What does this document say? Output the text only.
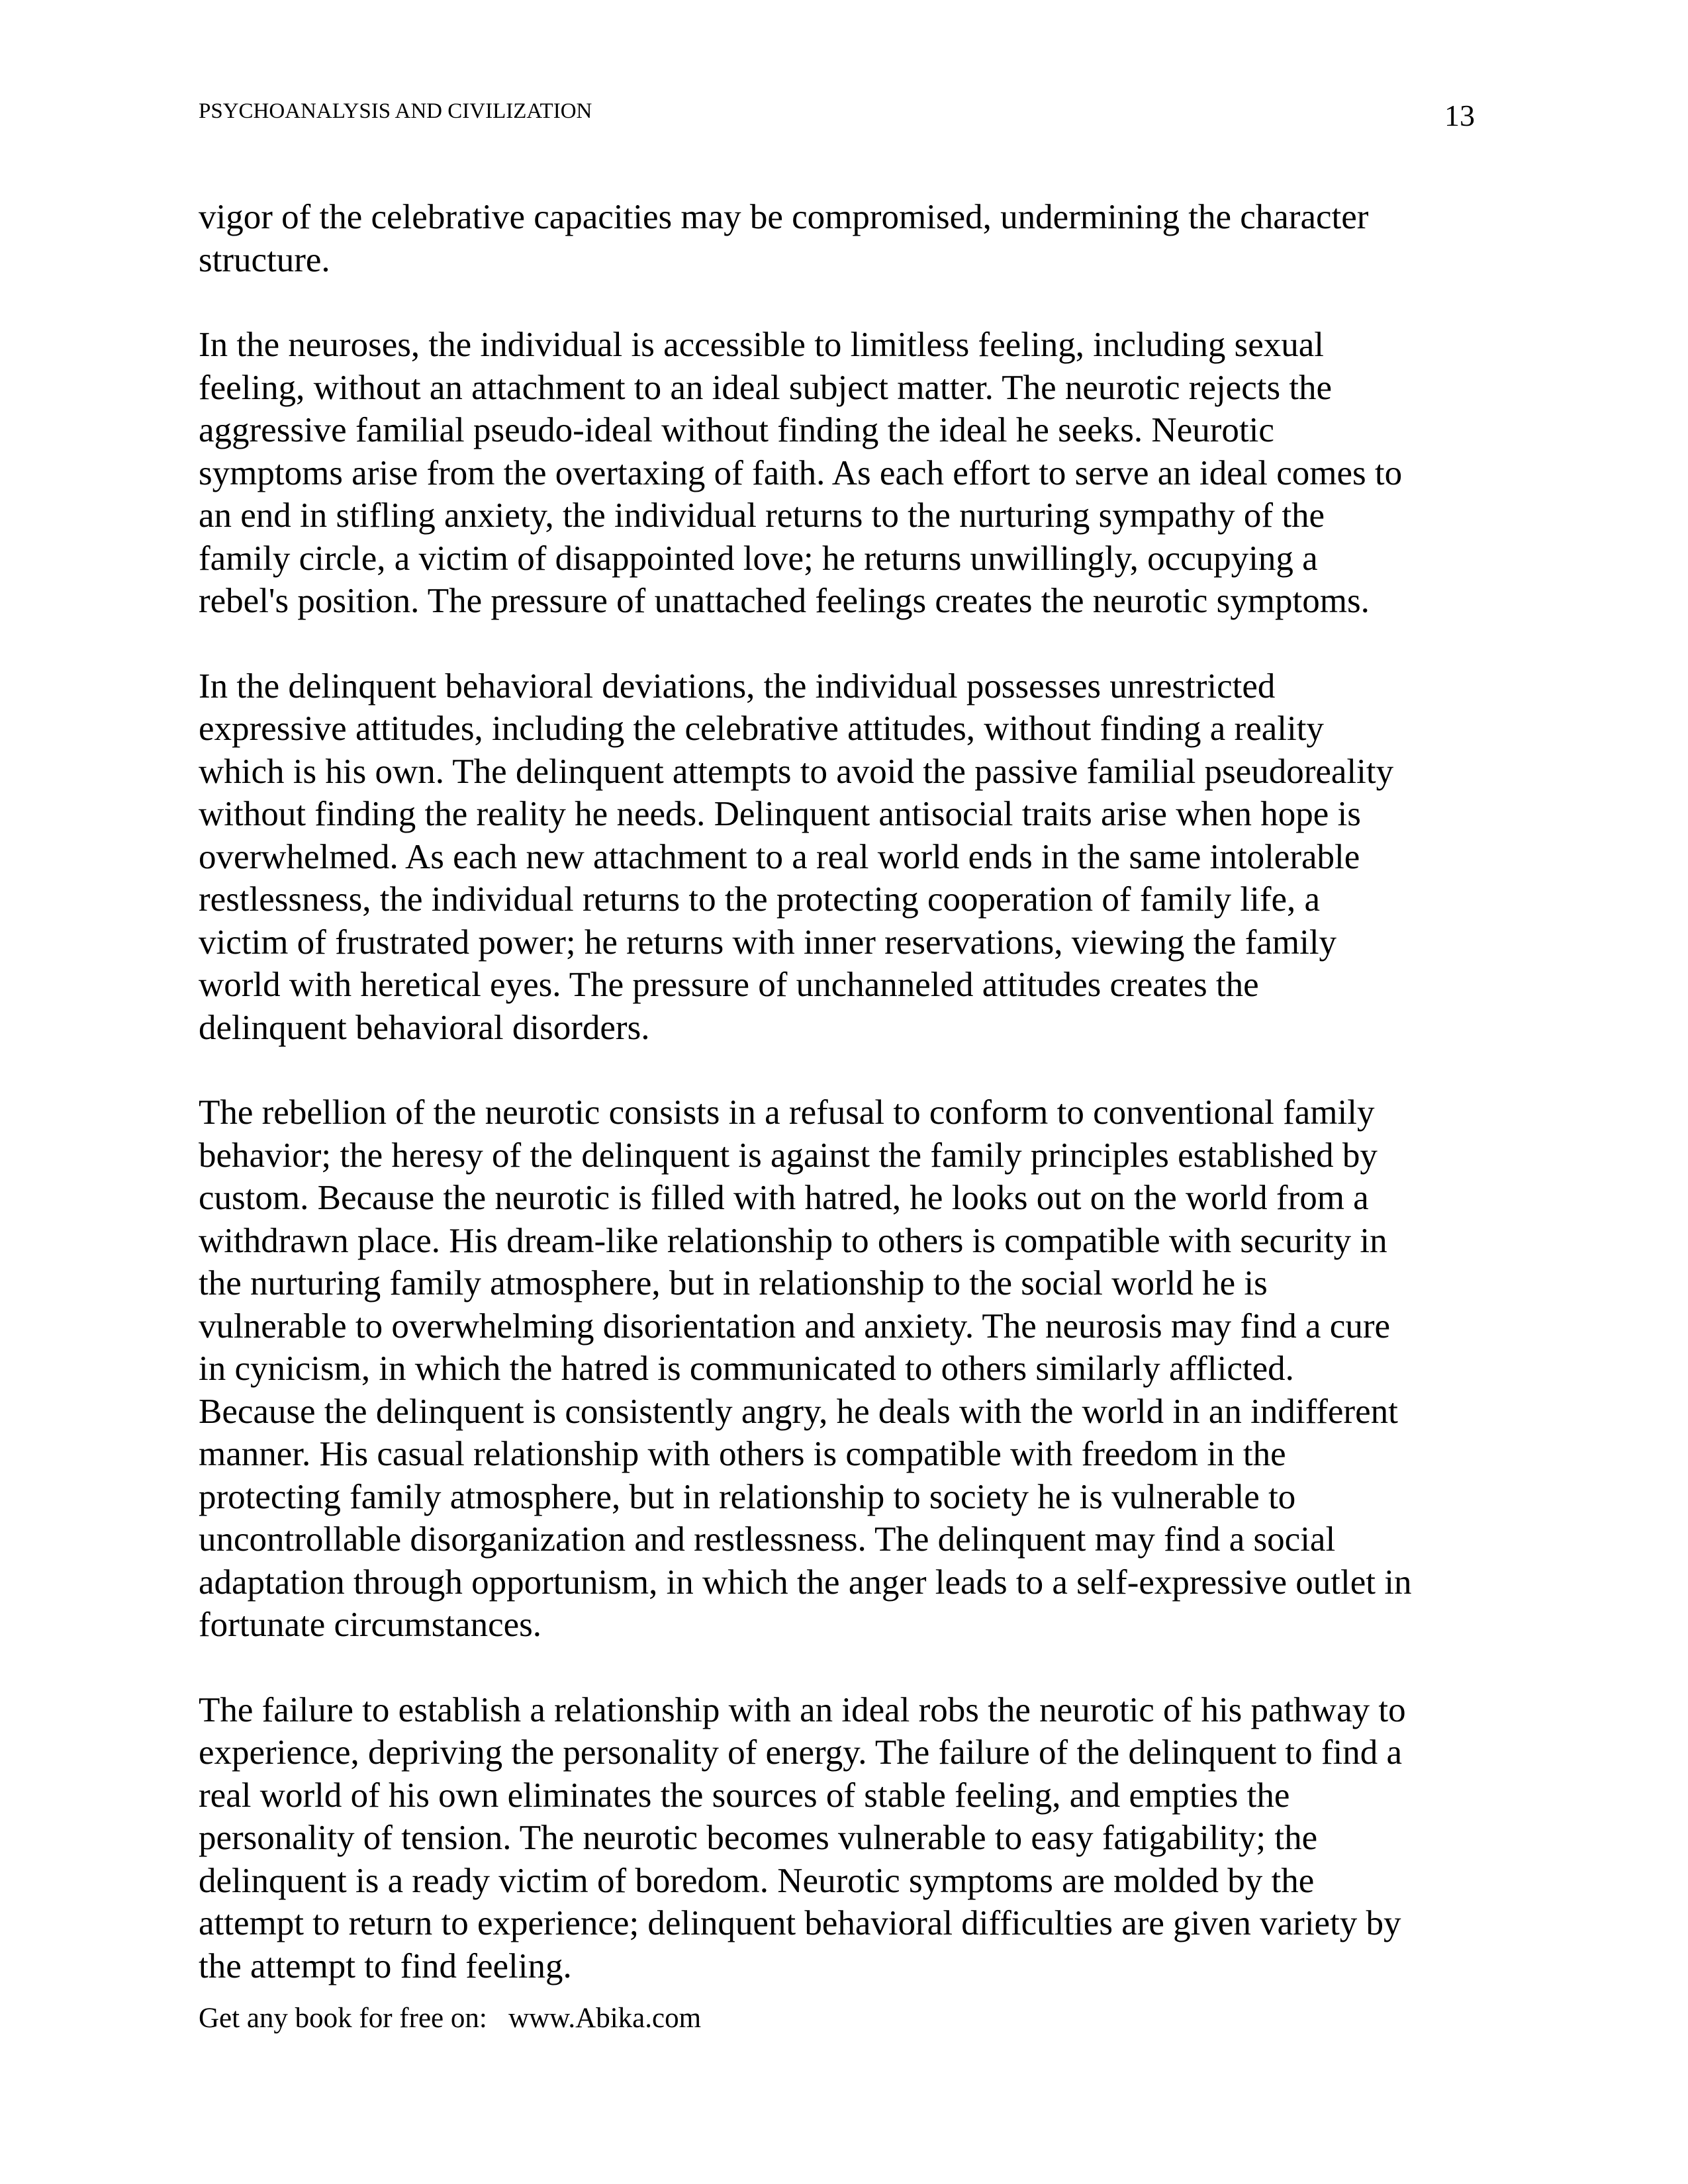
PSYCHOANALYSIS AND CIVILIZATION	13

vigor of the celebrative capacities may be compromised, undermining the character
structure.

In the neuroses, the individual is accessible to limitless feeling, including sexual
feeling, without an attachment to an ideal subject matter. The neurotic rejects the
aggressive familial pseudo-ideal without finding the ideal he seeks. Neurotic
symptoms arise from the overtaxing of faith. As each effort to serve an ideal comes to
an end in stifling anxiety, the individual returns to the nurturing sympathy of the
family circle, a victim of disappointed love; he returns unwillingly, occupying a
rebel's position. The pressure of unattached feelings creates the neurotic symptoms.

In the delinquent behavioral deviations, the individual possesses unrestricted
expressive attitudes, including the celebrative attitudes, without finding a reality
which is his own. The delinquent attempts to avoid the passive familial pseudoreality
without finding the reality he needs. Delinquent antisocial traits arise when hope is
overwhelmed. As each new attachment to a real world ends in the same intolerable
restlessness, the individual returns to the protecting cooperation of family life, a
victim of frustrated power; he returns with inner reservations, viewing the family
world with heretical eyes. The pressure of unchanneled attitudes creates the
delinquent behavioral disorders.

The rebellion of the neurotic consists in a refusal to conform to conventional family
behavior; the heresy of the delinquent is against the family principles established by
custom. Because the neurotic is filled with hatred, he looks out on the world from a
withdrawn place. His dream-like relationship to others is compatible with security in
the nurturing family atmosphere, but in relationship to the social world he is
vulnerable to overwhelming disorientation and anxiety. The neurosis may find a cure
in cynicism, in which the hatred is communicated to others similarly afflicted.
Because the delinquent is consistently angry, he deals with the world in an indifferent
manner. His casual relationship with others is compatible with freedom in the
protecting family atmosphere, but in relationship to society he is vulnerable to
uncontrollable disorganization and restlessness. The delinquent may find a social
adaptation through opportunism, in which the anger leads to a self-expressive outlet in
fortunate circumstances.

The failure to establish a relationship with an ideal robs the neurotic of his pathway to
experience, depriving the personality of energy. The failure of the delinquent to find a
real world of his own eliminates the sources of stable feeling, and empties the
personality of tension. The neurotic becomes vulnerable to easy fatigability; the
delinquent is a ready victim of boredom. Neurotic symptoms are molded by the
attempt to return to experience; delinquent behavioral difficulties are given variety by
the attempt to find feeling.

Get any book for free on:   www.Abika.com
